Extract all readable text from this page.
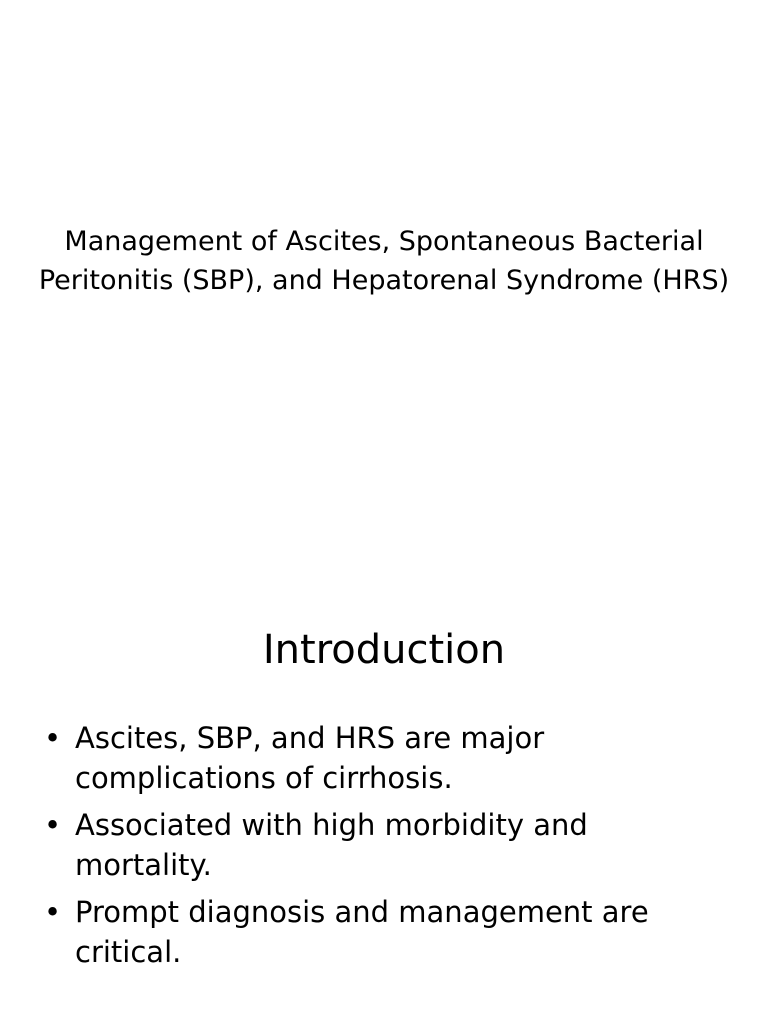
Management of Ascites, Spontaneous Bacterial Peritonitis (SBP), and Hepatorenal Syndrome (HRS)
Introduction
• Ascites, SBP, and HRS are major complications of cirrhosis.
• Associated with high morbidity and mortality.
• Prompt diagnosis and management are critical.
